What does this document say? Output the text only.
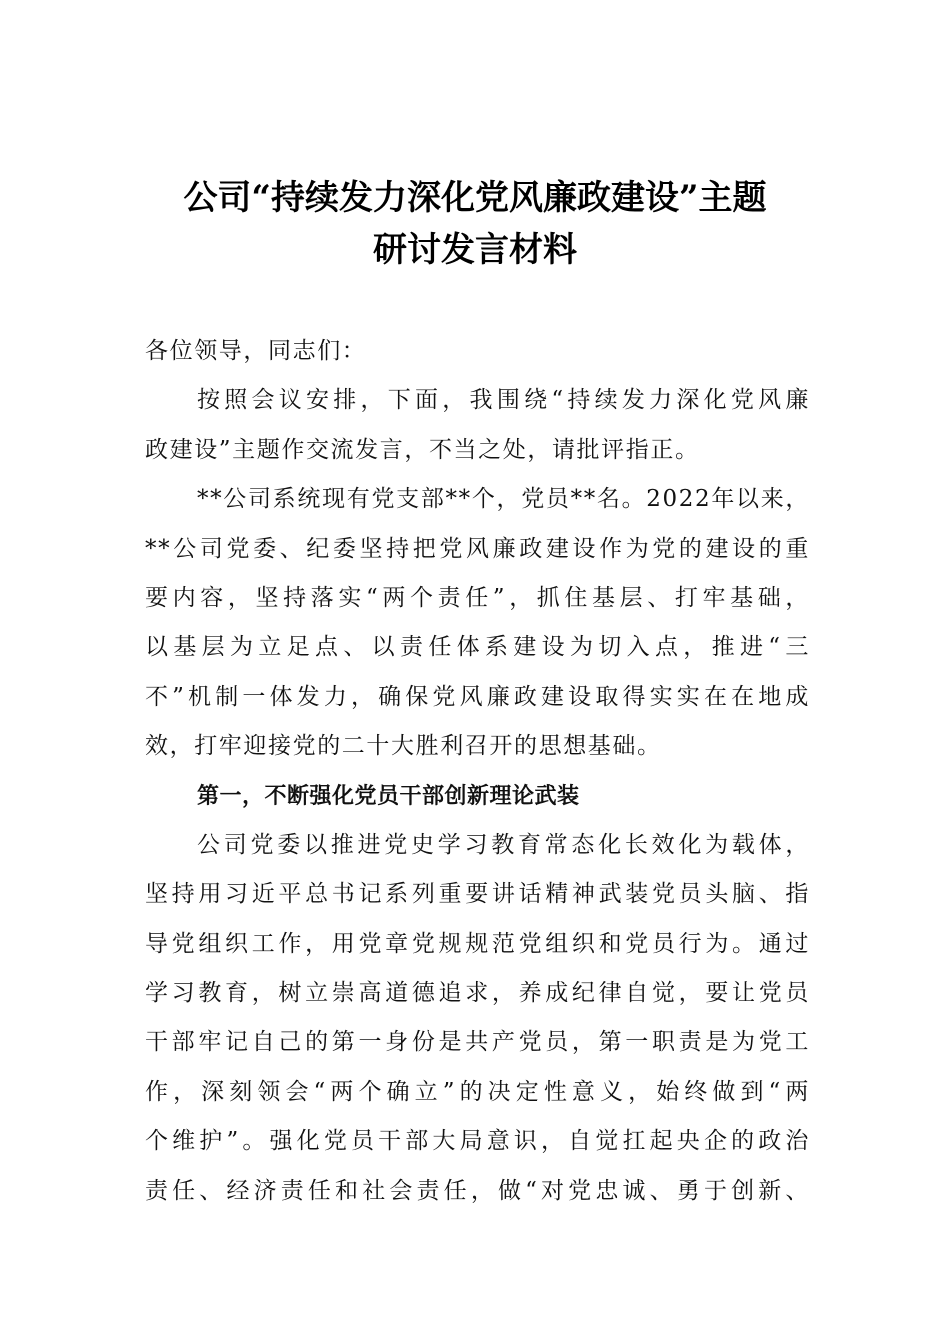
公司“持续发力深化党风廉政建设”主题
研讨发言材料
各位领导，同志们：
按照会议安排，下面，我围绕“持续发力深化党风廉
政建设”主题作交流发言，不当之处，请批评指正。
**公司系统现有党支部**个，党员**名。2022年以来，
**公司党委、纪委坚持把党风廉政建设作为党的建设的重
要内容，坚持落实“两个责任”，抓住基层、打牢基础，
以基层为立足点、以责任体系建设为切入点，推进“三
不”机制一体发力，确保党风廉政建设取得实实在在地成
效，打牢迎接党的二十大胜利召开的思想基础。
第一，不断强化党员干部创新理论武装
公司党委以推进党史学习教育常态化长效化为载体，
坚持用习近平总书记系列重要讲话精神武装党员头脑、指
导党组织工作，用党章党规规范党组织和党员行为。通过
学习教育，树立崇高道德追求，养成纪律自觉，要让党员
干部牢记自己的第一身份是共产党员，第一职责是为党工
作，深刻领会“两个确立”的决定性意义，始终做到“两
个维护”。强化党员干部大局意识，自觉扛起央企的政治
责任、经济责任和社会责任，做“对党忠诚、勇于创新、
